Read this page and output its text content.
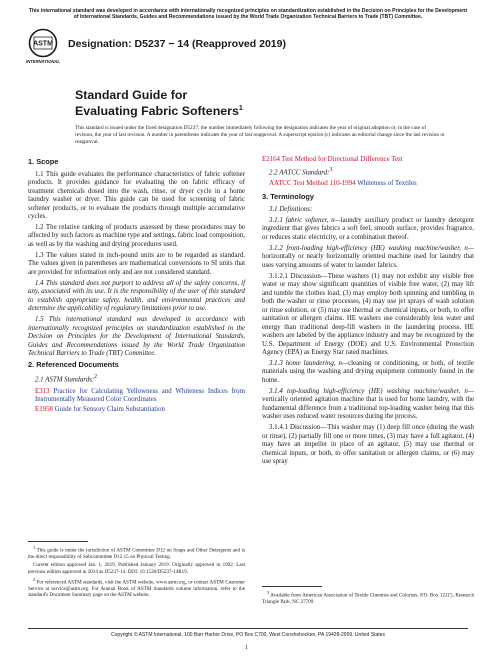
This international standard was developed in accordance with internationally recognized principles on standardization established in the Decision on Principles for the Development of International Standards, Guides and Recommendations issued by the World Trade Organization Technical Barriers to Trade (TBT) Committee.
ASTM
INTERNATIONAL
Designation: D5237 − 14 (Reapproved 2019)
Standard Guide for
Evaluating Fabric Softeners$^1$
This standard is issued under the fixed designation D5237; the number immediately following the designation indicates the year of original adoption or, in the case of revision, the year of last revision. A number in parentheses indicates the year of last reapproval. A superscript epsilon (ε) indicates an editorial change since the last revision or reapproval.
1. Scope

1.1 This guide evaluates the performance characteristics of fabric softener products. It provides guidance for evaluating the on fabric efficacy of treatment chemicals dosed into the wash, rinse, or dryer cycle in a home laundry washer or dryer. This guide can be used for screening of fabric softener products, or to evaluate the products through multiple accumulative cycles.

1.2 The relative ranking of products assessed by these procedures may be affected by such factors as machine type and settings, fabric load composition, as well as by the washing and drying procedures used.

1.3 The values stated in inch-pound units are to be regarded as standard. The values given in parentheses are mathematical conversions to SI units that are provided for information only and are not considered standard.

1.4 This standard does not purport to address all of the safety concerns, if any, associated with its use. It is the responsibility of the user of this standard to establish appropriate safety, health, and environmental practices and determine the applicability of regulatory limitations prior to use.

1.5 This international standard was developed in accordance with internationally recognized principles on standardization established in the Decision on Principles for the Development of International Standards, Guides and Recommendations issued by the World Trade Organization Technical Barriers to Trade (TBT) Committee.

2. Referenced Documents

2.1 ASTM Standards:$^2$

E313 Practice for Calculating Yellowness and Whiteness Indices from Instrumentally Measured Color Coordinates
E1958 Guide for Sensory Claim Substantiation
E2164 Test Method for Directional Difference Test

2.2 AATCC Standard:$^3$

AATCC Test Method 110-1994 Whiteness of Textiles
3. Terminology

3.1 Definitions:

3.1.1 fabric softener, n—laundry auxiliary product or laundry detergent ingredient that gives fabrics a soft feel, smooth surface, provides fragrance, or reduces static electricity, or a combination thereof.

3.1.2 front-loading high-efficiency (HE) washing machine/washer, n—horizontally or nearly horizontally oriented machine used for laundry that uses varying amounts of water to launder fabrics.

3.1.2.1 Discussion—These washers (1) may not exhibit any visible free water or may show significant quantities of visible free water, (2) may lift and tumble the clothes load, (3) may employ both spinning and tumbling in both the washer or rinse processes, (4) may use jet sprays of wash solution or rinse solution, or (5) may use thermal or chemical inputs, or both, to offer sanitation or allergen claims. HE washers use considerably less water and energy than traditional deep-fill washers in the laundering process. HE washers are labeled by the appliance industry and may be recognized by the U.S. Department of Energy (DOE) and U.S. Environmental Protection Agency (EPA) as Energy Star rated machines.

3.1.3 home laundering, n—cleaning or conditioning, or both, of textile materials using the washing and drying equipment commonly found in the home.

3.1.4 top-loading high-efficiency (HE) washing machine/washer, n—vertically oriented agitation machine that is used for home laundry, with the fundamental difference from a traditional top-loading washer being that this washer uses reduced water resources during the process.

3.1.4.1 Discussion—This washer may (1) deep fill once (during the wash or rinse), (2) partially fill one or more times, (3) may have a full agitator, (4) may have an impeller in place of an agitator, (5) may use thermal or chemical inputs, or both, to offer sanitation or allergen claims, or (6) may use spray

$^1$ This guide is under the jurisdiction of ASTM Committee D12 on Soaps and Other Detergents and is the direct responsibility of Subcommittee D12.15 on Physical Testing.

Current edition approved Jan. 1, 2019. Published January 2019. Originally approved in 1992. Last previous edition approved in 2014 as D5237-14. DOI: 10.1520/D5237-14R19.

$^2$ For referenced ASTM standards, visit the ASTM website, www.astm.org, or contact ASTM Customer Service at service@astm.org. For Annual Book of ASTM Standards volume information, refer to the standard's Document Summary page on the ASTM website.	$^3$ Available from American Association of Textile Chemists and Colorists, P.O. Box 12215, Research Triangle Park, NC 27709.

Copyright © ASTM International, 100 Barr Harbor Drive, PO Box C700, West Conshohocken, PA 19428-2959. United States
1
